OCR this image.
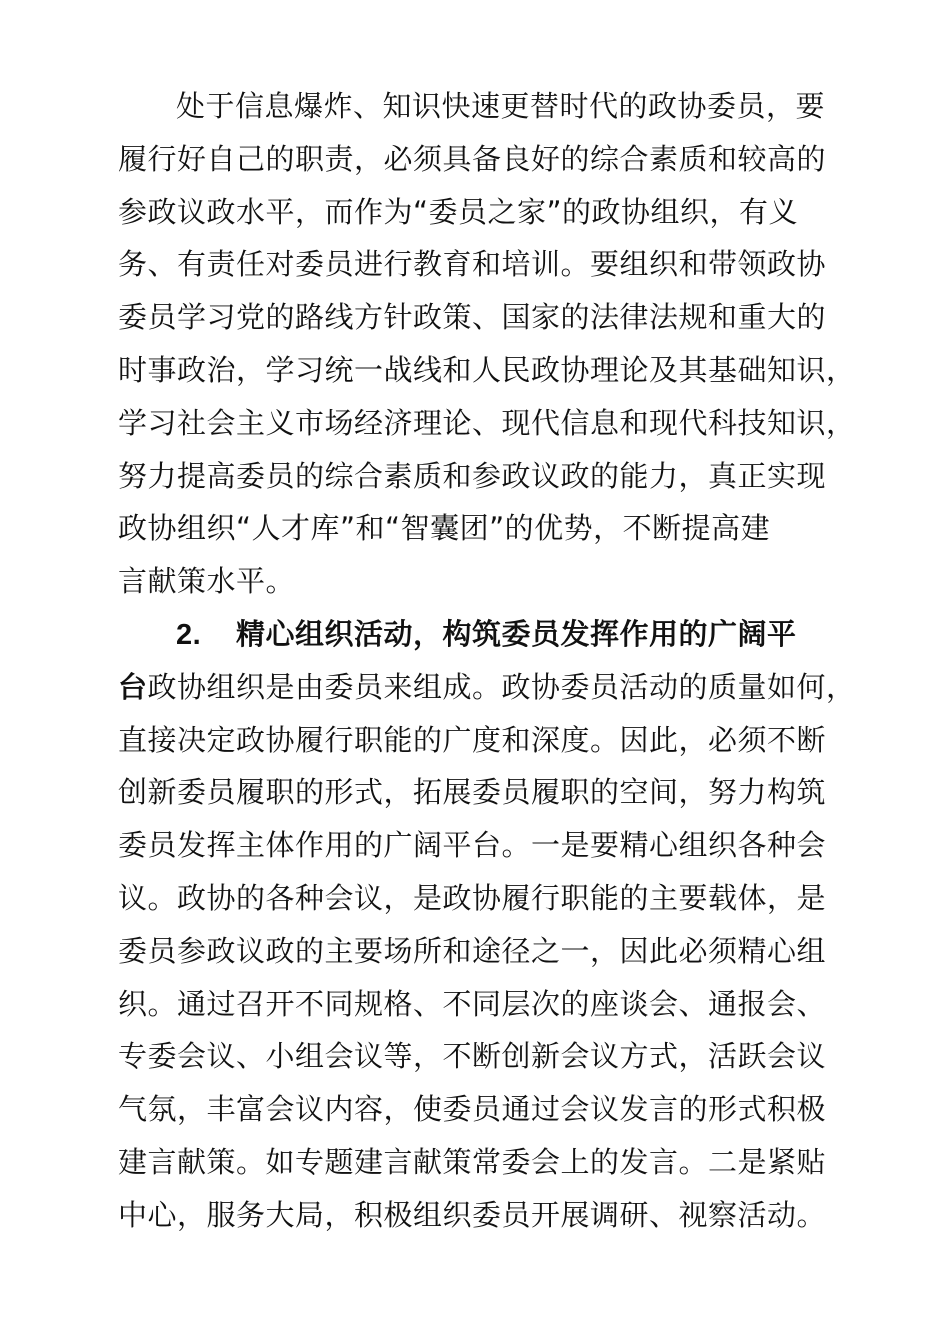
处于信息爆炸、知识快速更替时代的政协委员，要
履行好自己的职责，必须具备良好的综合素质和较高的
参政议政水平，而作为“委员之家”的政协组织，有义
务、有责任对委员进行教育和培训。要组织和带领政协
委员学习党的路线方针政策、国家的法律法规和重大的
时事政治，学习统一战线和人民政协理论及其基础知识，
学习社会主义市场经济理论、现代信息和现代科技知识，
努力提高委员的综合素质和参政议政的能力，真正实现
政协组织“人才库”和“智囊团”的优势，不断提高建
言献策水平。
2. 精心组织活动，构筑委员发挥作用的广阔平
台政协组织是由委员来组成。政协委员活动的质量如何，
直接决定政协履行职能的广度和深度。因此，必须不断
创新委员履职的形式，拓展委员履职的空间，努力构筑
委员发挥主体作用的广阔平台。一是要精心组织各种会
议。政协的各种会议，是政协履行职能的主要载体，是
委员参政议政的主要场所和途径之一，因此必须精心组
织。通过召开不同规格、不同层次的座谈会、通报会、
专委会议、小组会议等，不断创新会议方式，活跃会议
气氛，丰富会议内容，使委员通过会议发言的形式积极
建言献策。如专题建言献策常委会上的发言。二是紧贴
中心，服务大局，积极组织委员开展调研、视察活动。
